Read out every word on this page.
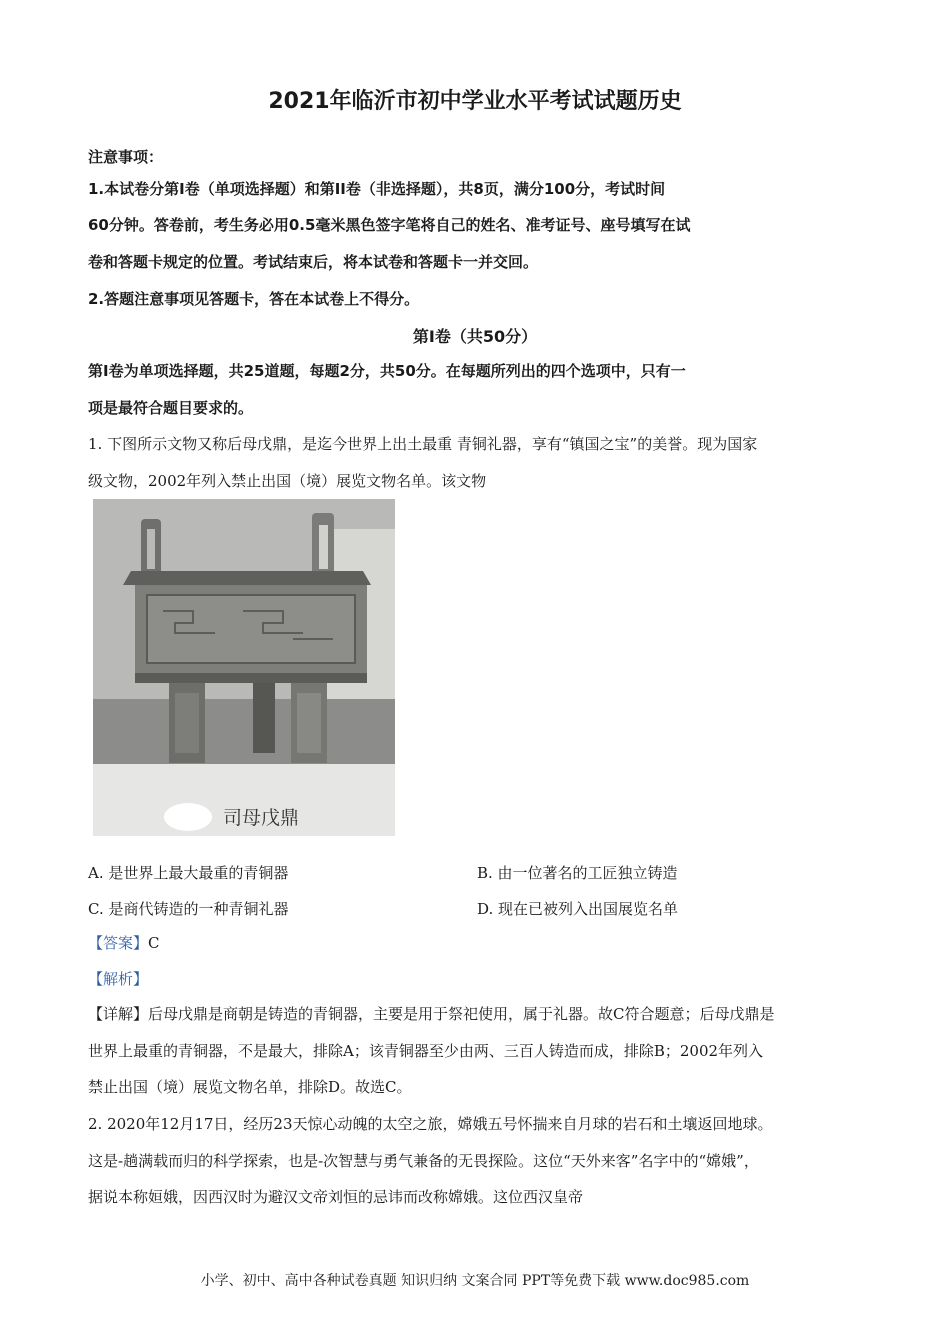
2021年临沂市初中学业水平考试试题历史
注意事项：
1.本试卷分第Ⅰ卷（单项选择题）和第II卷（非选择题），共8页，满分100分，考试时间
60分钟。答卷前，考生务必用0.5毫米黑色签字笔将自己的姓名、准考证号、座号填写在试
卷和答题卡规定的位置。考试结束后，将本试卷和答题卡一并交回。
2.答题注意事项见答题卡，答在本试卷上不得分。
第Ⅰ卷（共50分）
第Ⅰ卷为单项选择题，共25道题，每题2分，共50分。在每题所列出的四个选项中，只有一
项是最符合题目要求的。
1. 下图所示文物又称后母戊鼎，是迄今世界上出土最重 青铜礼器，享有“镇国之宝”的美誉。现为国家
级文物，2002年列入禁止出国（境）展览文物名单。该文物
司母戊鼎
A. 是世界上最大最重的青铜器	B. 由一位著名的工匠独立铸造
C. 是商代铸造的一种青铜礼器	D. 现在已被列入出国展览名单
【答案】C
【解析】
【详解】后母戊鼎是商朝是铸造的青铜器，主要是用于祭祀使用，属于礼器。故C符合题意；后母戊鼎是
世界上最重的青铜器，不是最大，排除A；该青铜器至少由两、三百人铸造而成，排除B；2002年列入
禁止出国（境）展览文物名单，排除D。故选C。
2. 2020年12月17日，经历23天惊心动魄的太空之旅，嫦娥五号怀揣来自月球的岩石和土壤返回地球。
这是-趟满载而归的科学探索，也是-次智慧与勇气兼备的无畏探险。这位“天外来客”名字中的“嫦娥”，
据说本称姮娥，因西汉时为避汉文帝刘恒的忌讳而改称嫦娥。这位西汉皇帝
小学、初中、高中各种试卷真题 知识归纳 文案合同 PPT等免费下载 www.doc985.com
